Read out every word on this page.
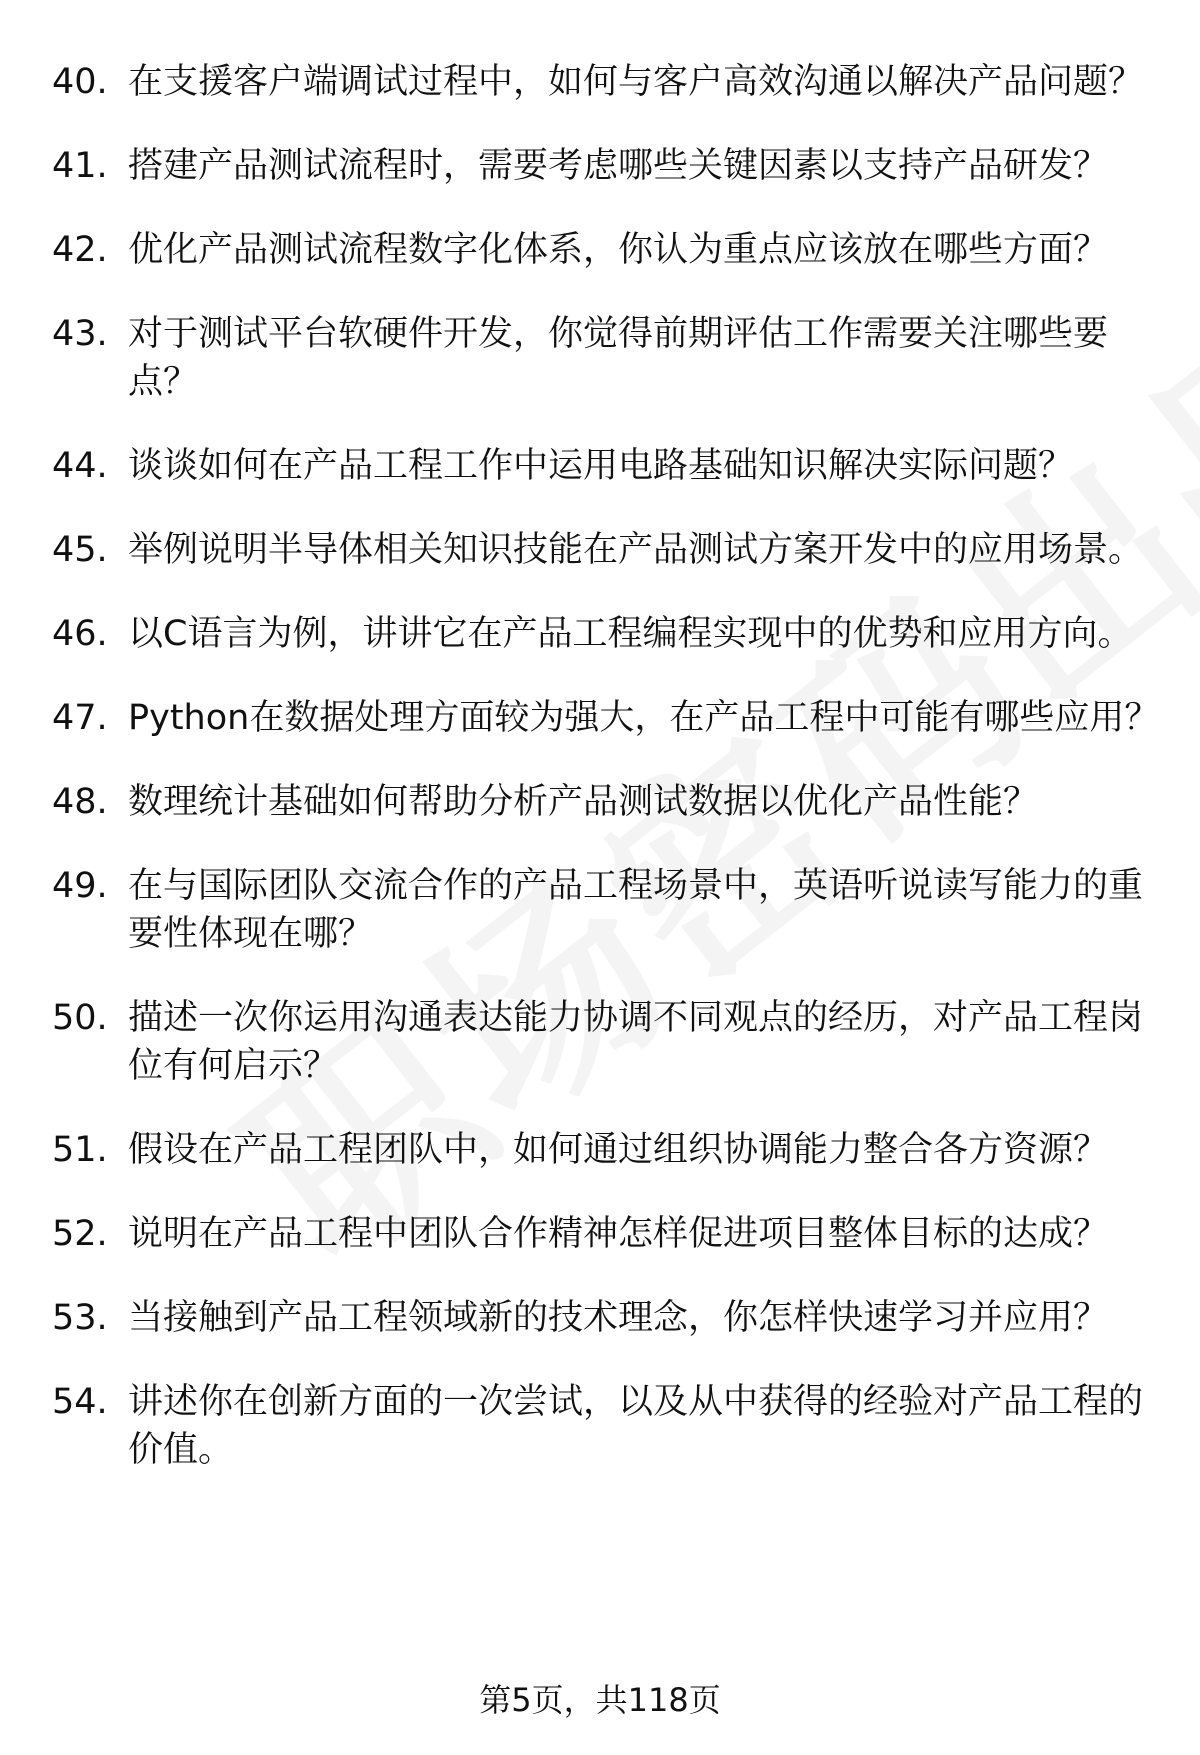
40. 在支援客户端调试过程中，如何与客户高效沟通以解决产品问题？
41. 搭建产品测试流程时，需要考虑哪些关键因素以支持产品研发？
42. 优化产品测试流程数字化体系，你认为重点应该放在哪些方面？
43. 对于测试平台软硬件开发，你觉得前期评估工作需要关注哪些要点？
44. 谈谈如何在产品工程工作中运用电路基础知识解决实际问题？
45. 举例说明半导体相关知识技能在产品测试方案开发中的应用场景。
46. 以C语言为例，讲讲它在产品工程编程实现中的优势和应用方向。
47. Python在数据处理方面较为强大，在产品工程中可能有哪些应用？
48. 数理统计基础如何帮助分析产品测试数据以优化产品性能？
49. 在与国际团队交流合作的产品工程场景中，英语听说读写能力的重要性体现在哪？
50. 描述一次你运用沟通表达能力协调不同观点的经历，对产品工程岗位有何启示？
51. 假设在产品工程团队中，如何通过组织协调能力整合各方资源？
52. 说明在产品工程中团队合作精神怎样促进项目整体目标的达成？
53. 当接触到产品工程领域新的技术理念，你怎样快速学习并应用？
54. 讲述你在创新方面的一次尝试，以及从中获得的经验对产品工程的价值。
第5页，共118页
